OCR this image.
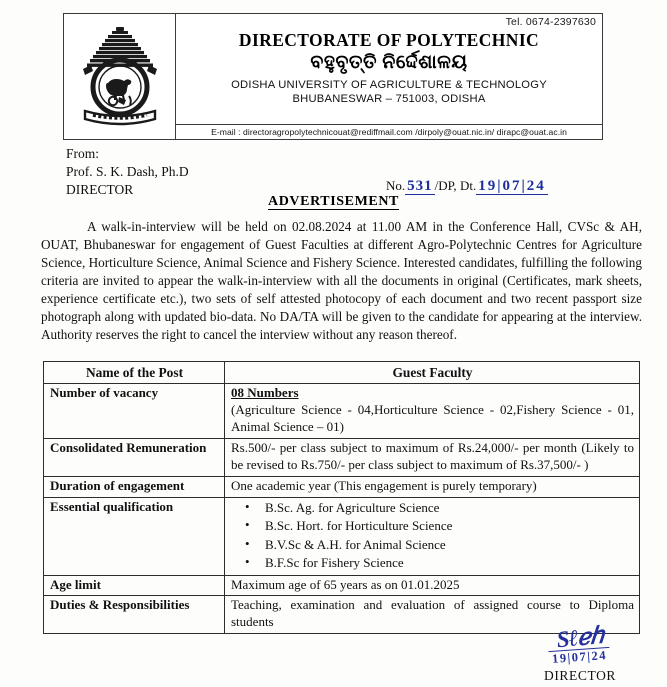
Tel. 0674-2397630
DIRECTORATE OF POLYTECHNIC
ବହୁବୃତ୍ତି ନିର୍ଦ୍ଦେଶାଳୟ
ODISHA UNIVERSITY OF AGRICULTURE & TECHNOLOGY
BHUBANESWAR – 751003, ODISHA
E-mail : directoragropolytechnicouat@rediffmail.com /dirpoly@ouat.nic.in/ dirapc@ouat.ac.in
From:
Prof. S. K. Dash, Ph.D
DIRECTOR	No. 531 /DP, Dt. 19|07|24
ADVERTISEMENT
A walk-in-interview will be held on 02.08.2024 at 11.00 AM in the Conference Hall, CVSc & AH, OUAT, Bhubaneswar for engagement of Guest Faculties at different Agro-Polytechnic Centres for Agriculture Science, Horticulture Science, Animal Science and Fishery Science. Interested candidates, fulfilling the following criteria are invited to appear the walk-in-interview with all the documents in original (Certificates, mark sheets, experience certificate etc.), two sets of self attested photocopy of each document and two recent passport size photograph along with updated bio-data. No DA/TA will be given to the candidate for appearing at the interview. Authority reserves the right to cancel the interview without any reason thereof.
Name of the Post	Guest Faculty
Number of vacancy	08 Numbers
(Agriculture Science - 04,Horticulture Science - 02,Fishery Science - 01, Animal Science – 01)

Consolidated Remuneration	Rs.500/- per class subject to maximum of Rs.24,000/- per month (Likely to be revised to Rs.750/- per class subject to maximum of Rs.37,500/- )
Duration of engagement	One academic year (This engagement is purely temporary)
Essential qualification	
•B.Sc. Ag. for Agriculture Science
• B.Sc. Hort. for Horticulture Science
• B.V.Sc & A.H. for Animal Science
• B.F.Sc for Fishery Science

Age limit	Maximum age of 65 years as on 01.01.2025
Duties & Responsibilities	Teaching, examination and evaluation of assigned course to Diploma students
Sℓℯℎ
19|07|24
DIRECTOR
